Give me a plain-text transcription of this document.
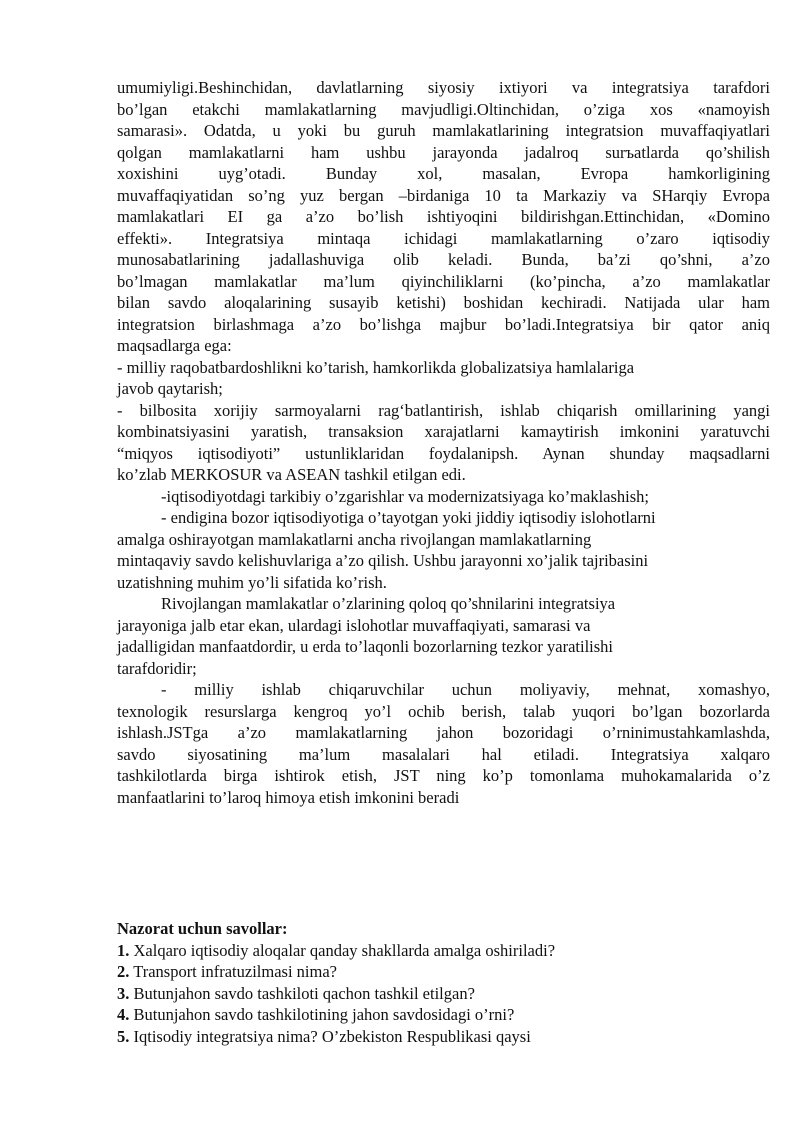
umumiyligi.Beshinchidan, davlatlarning siyosiy ixtiyori va integratsiya tarafdori
bo’lgan etakchi mamlakatlarning mavjudligi.Oltinchidan, o’ziga xos «namoyish
samarasi». Odatda, u yoki bu guruh mamlakatlarining integratsion muvaffaqiyatlari
qolgan mamlakatlarni ham ushbu jarayonda jadalroq surъatlarda qo’shilish
xoxishini uyg’otadi. Bunday xol, masalan, Evropa hamkorligining
muvaffaqiyatidan so’ng yuz bergan –birdaniga 10 ta Markaziy va SHarqiy Evropa
mamlakatlari EI ga a’zo bo’lish ishtiyoqini bildirishgan.Ettinchidan, «Domino
effekti». Integratsiya mintaqa ichidagi mamlakatlarning o’zaro iqtisodiy
munosabatlarining jadallashuviga olib keladi. Bunda, ba’zi qo’shni, a’zo
bo’lmagan mamlakatlar ma’lum qiyinchiliklarni (ko’pincha, a’zo mamlakatlar
bilan savdo aloqalarining susayib ketishi) boshidan kechiradi. Natijada ular ham
integratsion birlashmaga a’zo bo’lishga majbur bo’ladi.Integratsiya bir qator aniq
maqsadlarga ega:
- milliy raqobatbardoshlikni ko’tarish, hamkorlikda globalizatsiya hamlalariga
javob qaytarish;
- bilbosita xorijiy sarmoyalarni rag‘batlantirish, ishlab chiqarish omillarining yangi
kombinatsiyasini yaratish, transaksion xarajatlarni kamaytirish imkonini yaratuvchi
“miqyos iqtisodiyoti” ustunliklaridan foydalanipsh. Aynan shunday maqsadlarni
ko’zlab MERKOSUR va ASEAN tashkil etilgan edi.
-iqtisodiyotdagi tarkibiy o’zgarishlar va modernizatsiyaga ko’maklashish;
- endigina bozor iqtisodiyotiga o’tayotgan yoki jiddiy iqtisodiy islohotlarni
amalga oshirayotgan mamlakatlarni ancha rivojlangan mamlakatlarning
mintaqaviy savdo kelishuvlariga a’zo qilish. Ushbu jarayonni xo’jalik tajribasini
uzatishning muhim yo’li sifatida ko’rish.
Rivojlangan mamlakatlar o’zlarining qoloq qo’shnilarini integratsiya
jarayoniga jalb etar ekan, ulardagi islohotlar muvaffaqiyati, samarasi va
jadalligidan manfaatdordir, u erda to’laqonli bozorlarning tezkor yaratilishi
tarafdoridir;
- milliy ishlab chiqaruvchilar uchun moliyaviy, mehnat, xomashyo,
texnologik resurslarga kengroq yo’l ochib berish, talab yuqori bo’lgan bozorlarda
ishlash.JSTga a’zo mamlakatlarning jahon bozoridagi o’rninimustahkamlashda,
savdo siyosatining ma’lum masalalari hal etiladi. Integratsiya xalqaro
tashkilotlarda birga ishtirok etish, JST ning ko’p tomonlama muhokamalarida o’z
manfaatlarini to’laroq himoya etish imkonini beradi
Nazorat uchun savollar:
1. Xalqaro iqtisodiy aloqalar qanday shakllarda amalga oshiriladi?
2. Transport infratuzilmasi nima?
3. Butunjahon savdo tashkiloti qachon tashkil etilgan?
4. Butunjahon savdo tashkilotining jahon savdosidagi o’rni?
5. Iqtisodiy integratsiya nima? O’zbekiston Respublikasi qaysi
